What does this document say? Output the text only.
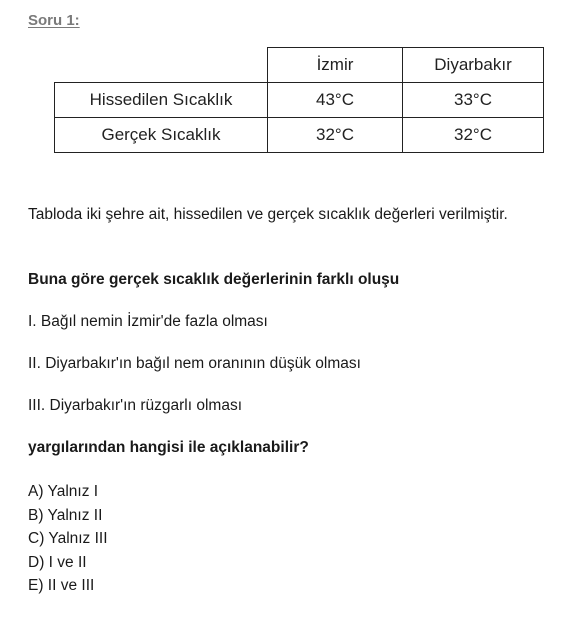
Soru 1:
	İzmir	Diyarbakır
Hissedilen Sıcaklık	43°C	33°C
Gerçek Sıcaklık	32°C	32°C
Tabloda iki şehre ait, hissedilen ve gerçek sıcaklık değerleri verilmiştir.
Buna göre gerçek sıcaklık değerlerinin farklı oluşu
I. Bağıl nemin İzmir'de fazla olması
II. Diyarbakır'ın bağıl nem oranının düşük olması
III. Diyarbakır'ın rüzgarlı olması
yargılarından hangisi ile açıklanabilir?
A) Yalnız I
B) Yalnız II
C) Yalnız III
D) I ve II
E) II ve III
